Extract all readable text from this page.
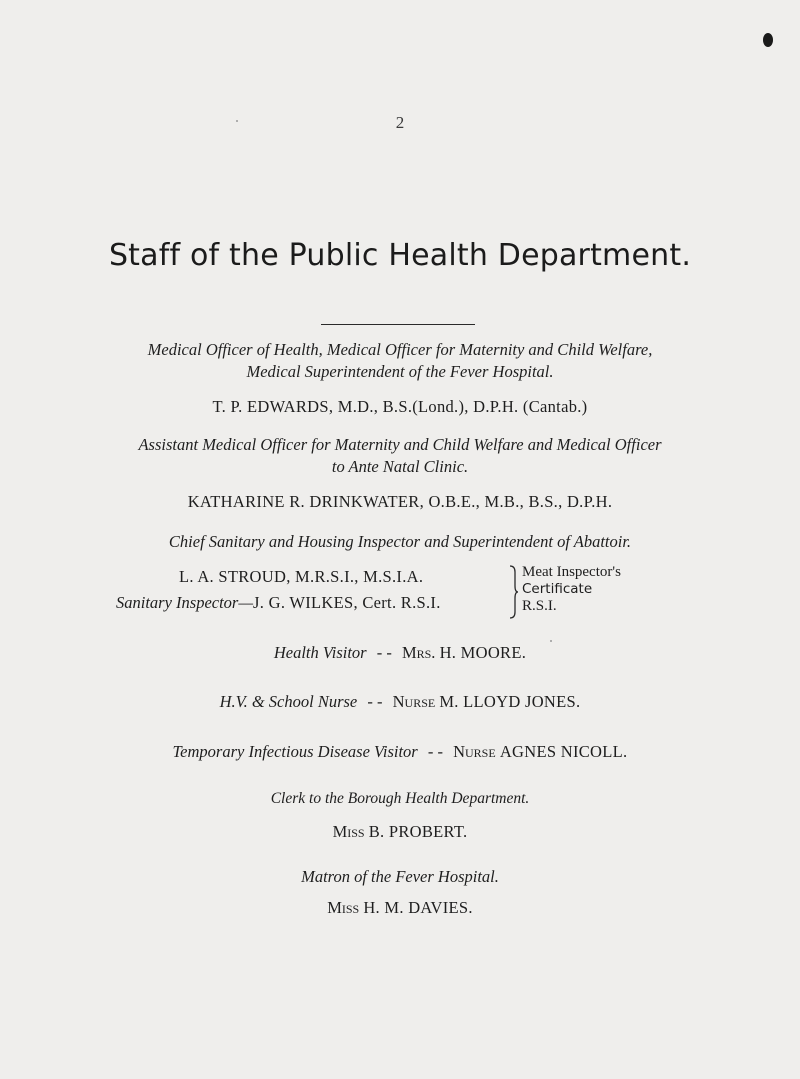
2
Staff of the Public Health Department.
Medical Officer of Health, Medical Officer for Maternity and Child Welfare,
Medical Superintendent of the Fever Hospital.
T. P. EDWARDS, M.D., B.S.(Lond.), D.P.H. (Cantab.)
Assistant Medical Officer for Maternity and Child Welfare and Medical Officer
to Ante Natal Clinic.
KATHARINE R. DRINKWATER, O.B.E., M.B., B.S., D.P.H.
Chief Sanitary and Housing Inspector and Superintendent of Abattoir.
L. A. STROUD, M.R.S.I., M.S.I.A.
Sanitary Inspector—J. G. WILKES, Cert. R.S.I.
Meat Inspector's
Certificate
R.S.I.
Health Visitor - - Mrs. H. MOORE.
H.V. & School Nurse - - Nurse M. LLOYD JONES.
Temporary Infectious Disease Visitor - - Nurse AGNES NICOLL.
Clerk to the Borough Health Department.
Miss B. PROBERT.
Matron of the Fever Hospital.
Miss H. M. DAVIES.
